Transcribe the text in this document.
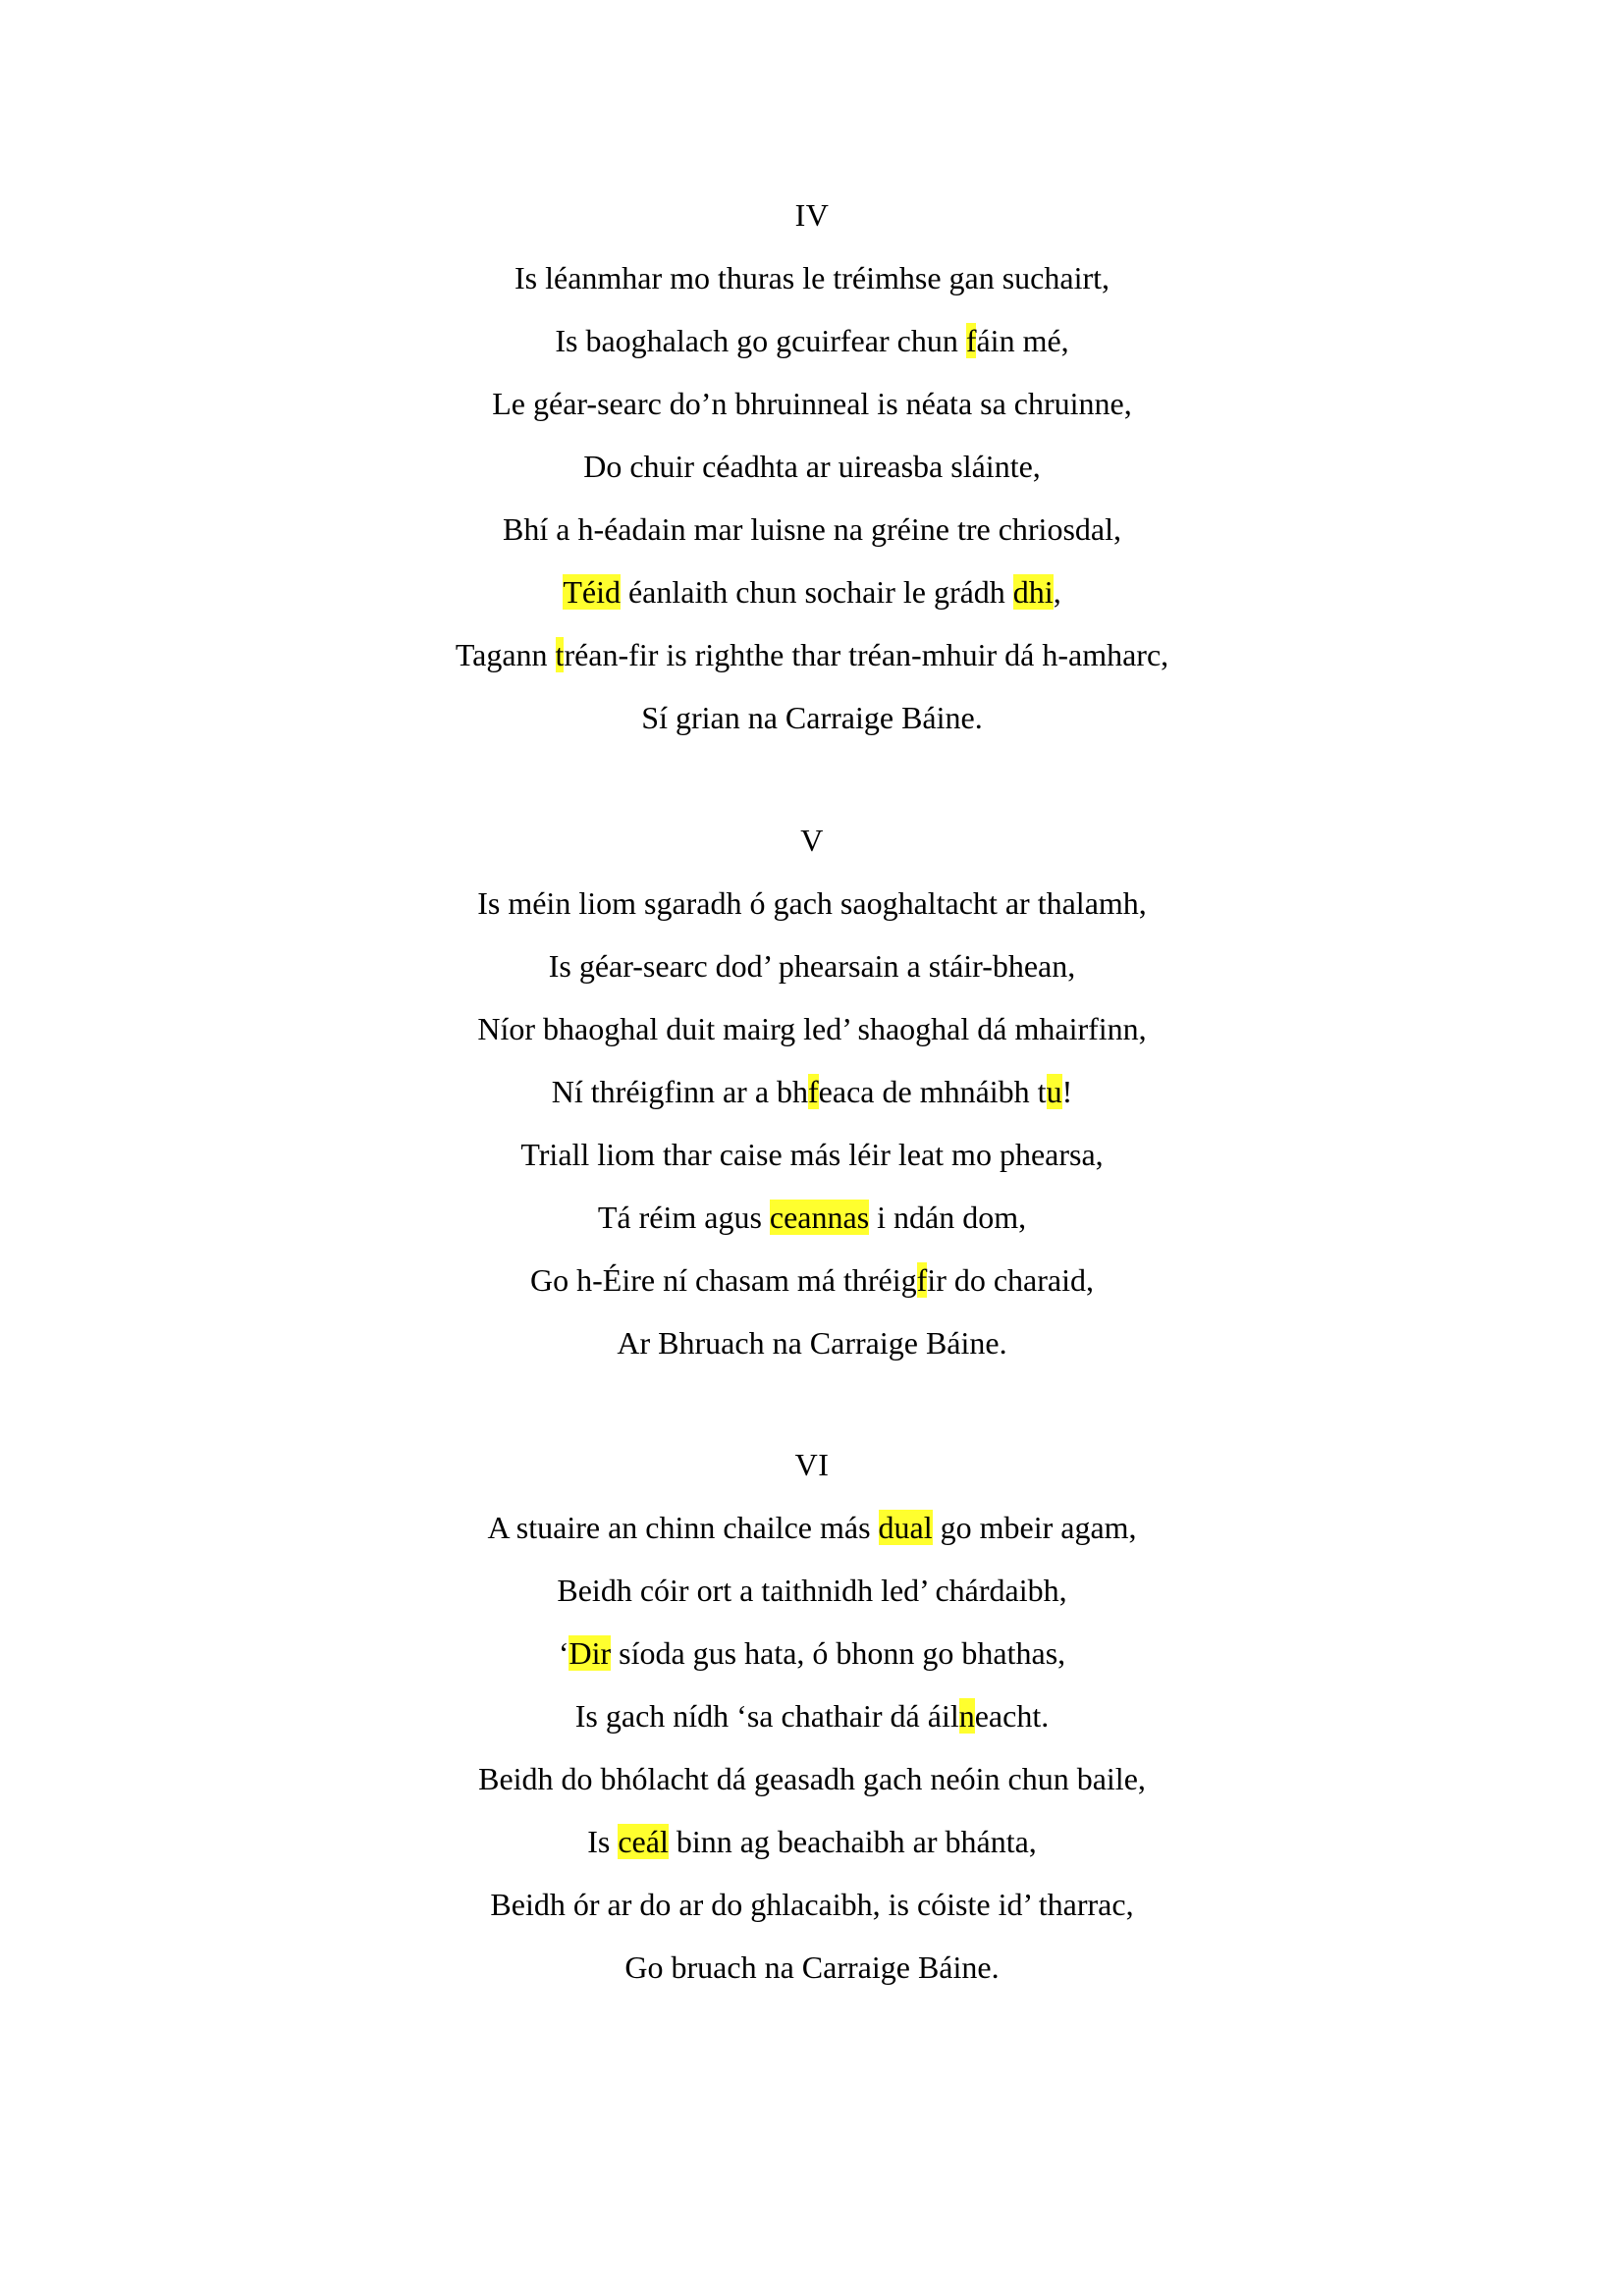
IV
Is léanmhar mo thuras le tréimhse gan suchairt,
Is baoghalach go gcuirfear chun fáin mé,
Le géar-searc do’n bhruinneal is néata sa chruinne,
Do chuir céadhta ar uireasba sláinte,
Bhí a h-éadain mar luisne na gréine tre chriosdal,
Téid éanlaith chun sochair le grádh dhi,
Tagann tréan-fir is righthe thar tréan-mhuir dá h-amharc,
Sí grian na Carraige Báine.
V
Is méin liom sgaradh ó gach saoghaltacht ar thalamh,
Is géar-searc dod’ phearsain a stáir-bhean,
Níor bhaoghal duit mairg led’ shaoghal dá mhairfinn,
Ní thréigfinn ar a bhfeaca de mhnáibh tu!
Triall liom thar caise más léir leat mo phearsa,
Tá réim agus ceannas i ndán dom,
Go h-Éire ní chasam má thréigfir do charaid,
Ar Bhruach na Carraige Báine.
VI
A stuaire an chinn chailce más dual go mbeir agam,
Beidh cóir ort a taithnidh led’ chárdaibh,
‘Dir síoda gus hata, ó bhonn go bhathas,
Is gach nídh ‘sa chathair dá áilneacht.
Beidh do bhólacht dá geasadh gach neóin chun baile,
Is ceál binn ag beachaibh ar bhánta,
Beidh ór ar do ar do ghlacaibh, is cóiste id’ tharrac,
Go bruach na Carraige Báine.
